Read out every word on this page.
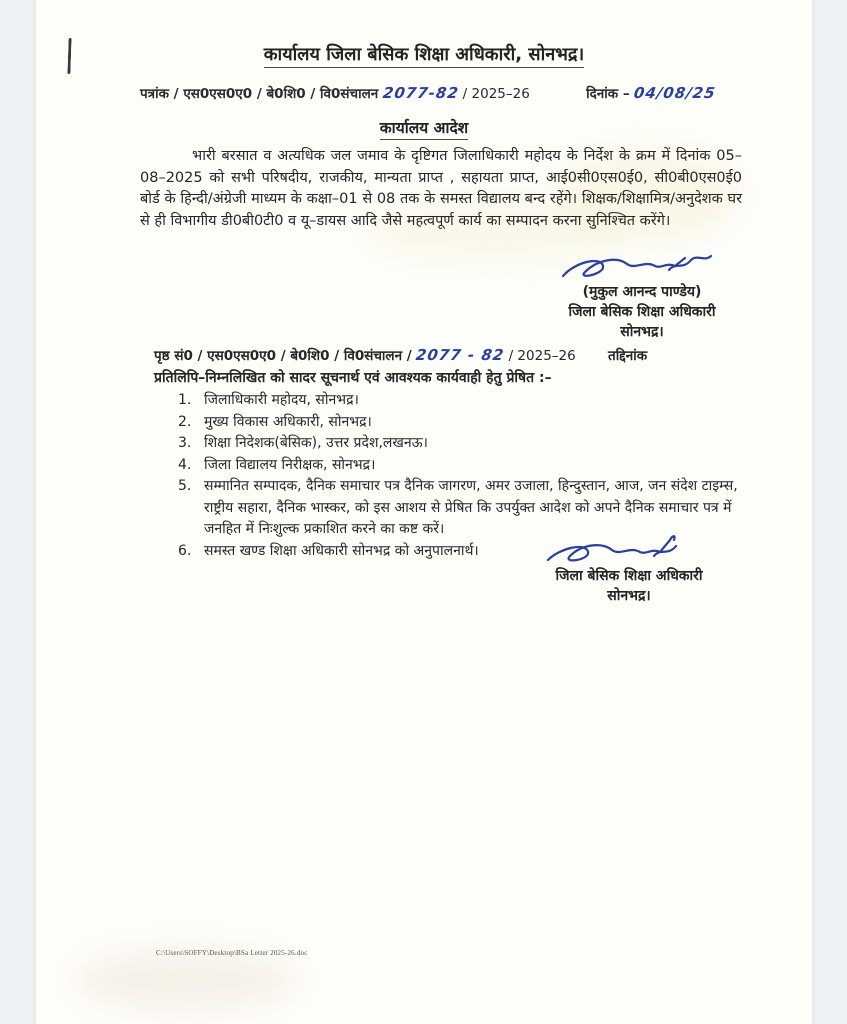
कार्यालय जिला बेसिक शिक्षा अधिकारी, सोनभद्र।
पत्रांक / एस0एस0ए0 / बे0शि0 / वि0संचालन 2077-82 / 2025–26	दिनांक – 04/08/25
कार्यालय आदेश
भारी बरसात व अत्यधिक जल जमाव के दृष्टिगत जिलाधिकारी महोदय के निर्देश के क्रम में दिनांक 05–08–2025 को सभी परिषदीय, राजकीय, मान्यता प्राप्त , सहायता प्राप्त, आई0सी0एस0ई0, सी0बी0एस0ई0 बोर्ड के हिन्दी/अंग्रेजी माध्यम के कक्षा–01 से 08 तक के समस्त विद्यालय बन्द रहेंगे। शिक्षक/शिक्षामित्र/अनुदेशक घर से ही विभागीय डी0बी0टी0 व यू–डायस आदि जैसे महत्वपूर्ण कार्य का सम्पादन करना सुनिश्चित करेंगे।
(मुकुल आनन्द पाण्डेय)
जिला बेसिक शिक्षा अधिकारी
सोनभद्र।
पृष्ठ सं0 / एस0एस0ए0 / बे0शि0 / वि0संचालन / 2077 - 82 / 2025–26 तद्दिनांक
प्रतिलिपि–निम्नलिखित को सादर सूचनार्थ एवं आवश्यक कार्यवाही हेतु प्रेषित :–
जिलाधिकारी महोदय, सोनभद्र।
मुख्य विकास अधिकारी, सोनभद्र।
शिक्षा निदेशक(बेसिक), उत्तर प्रदेश,लखनऊ।
जिला विद्यालय निरीक्षक, सोनभद्र।
सम्मानित सम्पादक, दैनिक समाचार पत्र दैनिक जागरण, अमर उजाला, हिन्दुस्तान, आज, जन संदेश टाइम्स, राष्ट्रीय सहारा, दैनिक भास्कर, को इस आशय से प्रेषित कि उपर्युक्त आदेश को अपने दैनिक समाचार पत्र में जनहित में निःशुल्क प्रकाशित करने का कष्ट करें।
समस्त खण्ड शिक्षा अधिकारी सोनभद्र को अनुपालनार्थ।
जिला बेसिक शिक्षा अधिकारी
सोनभद्र।
C:\Users\SOFFY\Desktop\BSa Letter 2025-26.doc
